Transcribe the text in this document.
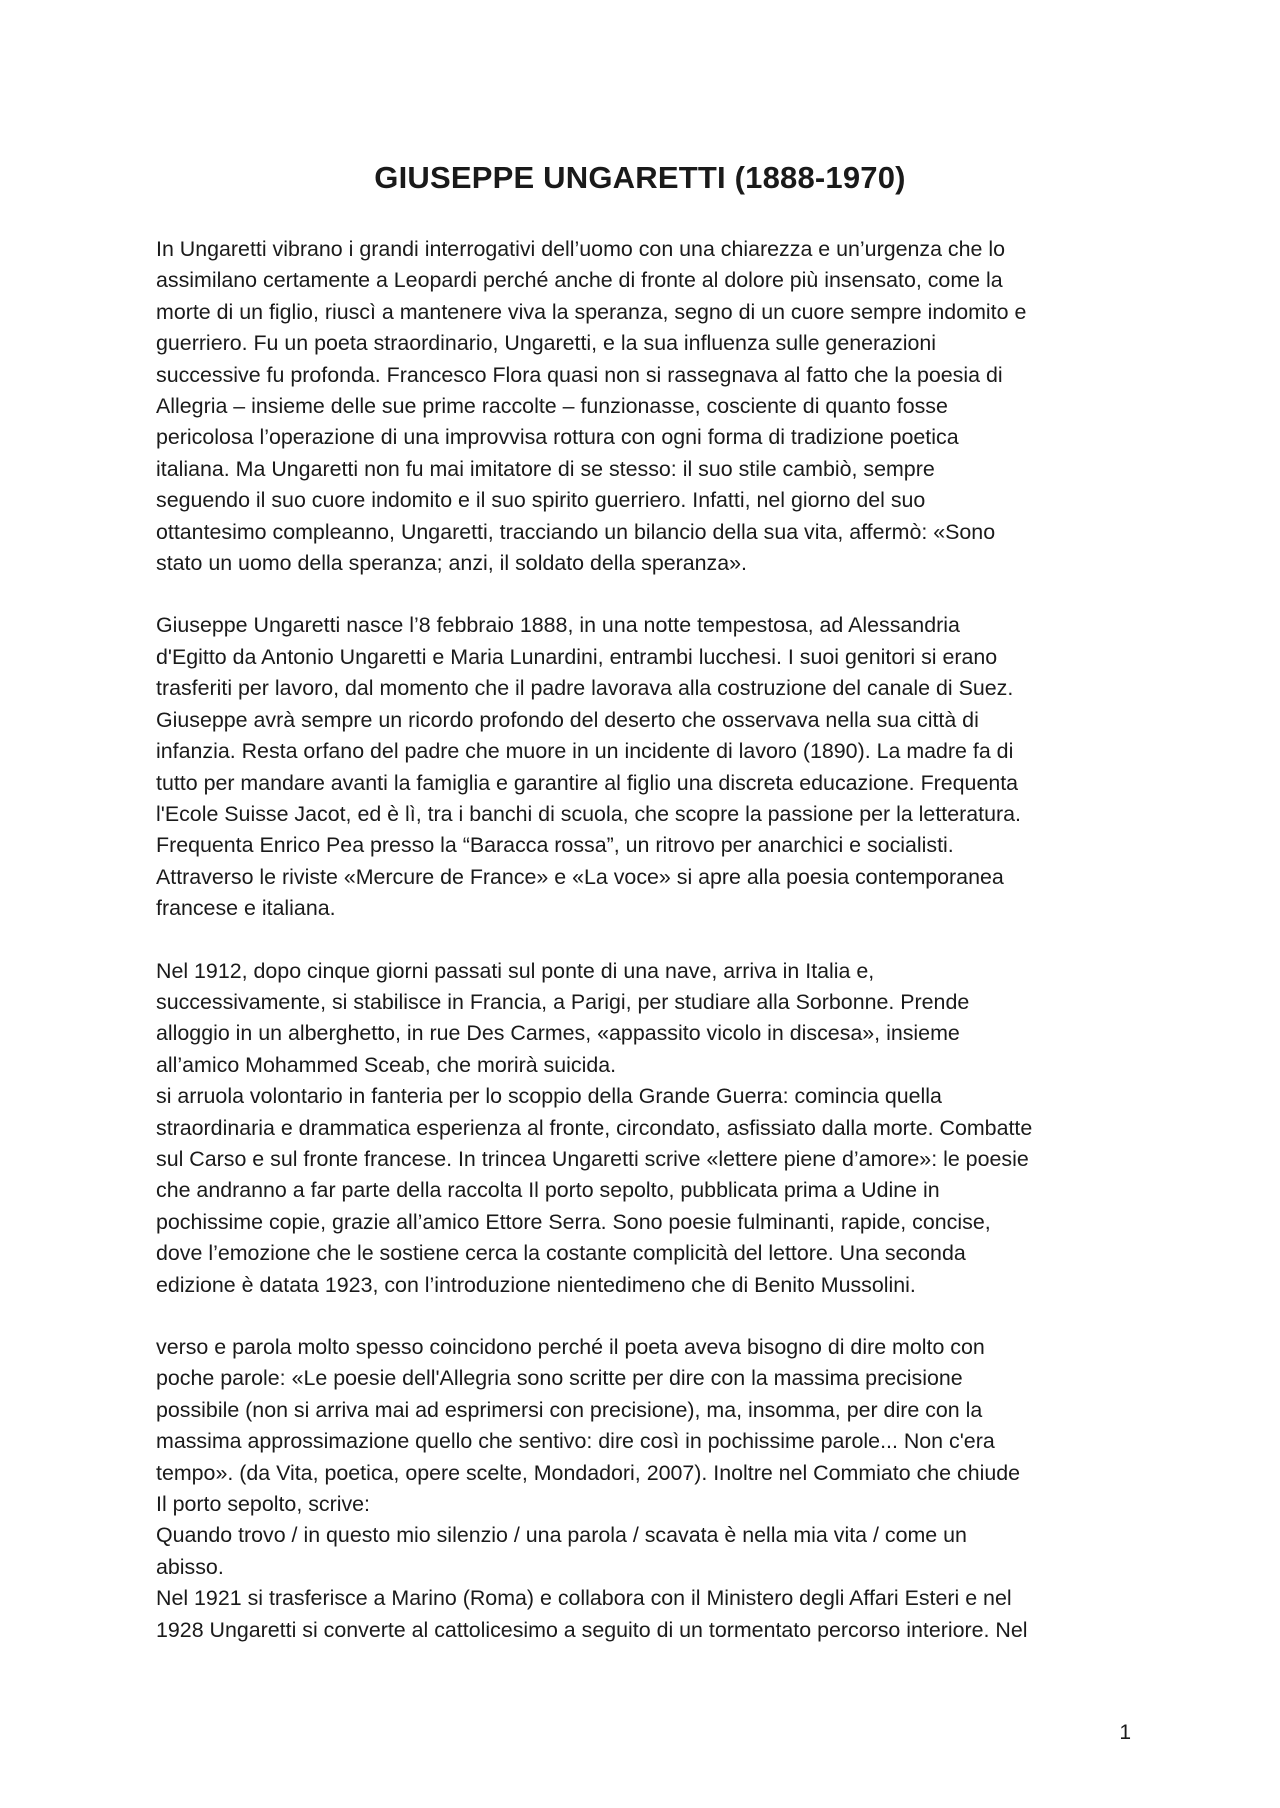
GIUSEPPE UNGARETTI (1888-1970)

In Ungaretti vibrano i grandi interrogativi dell’uomo con una chiarezza e un’urgenza che lo
assimilano certamente a Leopardi perché anche di fronte al dolore più insensato, come la
morte di un figlio, riuscì a mantenere viva la speranza, segno di un cuore sempre indomito e
guerriero. Fu un poeta straordinario, Ungaretti, e la sua influenza sulle generazioni
successive fu profonda. Francesco Flora quasi non si rassegnava al fatto che la poesia di
Allegria – insieme delle sue prime raccolte – funzionasse, cosciente di quanto fosse
pericolosa l’operazione di una improvvisa rottura con ogni forma di tradizione poetica
italiana. Ma Ungaretti non fu mai imitatore di se stesso: il suo stile cambiò, sempre
seguendo il suo cuore indomito e il suo spirito guerriero. Infatti, nel giorno del suo
ottantesimo compleanno, Ungaretti, tracciando un bilancio della sua vita, affermò: «Sono
stato un uomo della speranza; anzi, il soldato della speranza».

Giuseppe Ungaretti nasce l’8 febbraio 1888, in una notte tempestosa, ad Alessandria
d'Egitto da Antonio Ungaretti e Maria Lunardini, entrambi lucchesi. I suoi genitori si erano
trasferiti per lavoro, dal momento che il padre lavorava alla costruzione del canale di Suez.
Giuseppe avrà sempre un ricordo profondo del deserto che osservava nella sua città di
infanzia. Resta orfano del padre che muore in un incidente di lavoro (1890). La madre fa di
tutto per mandare avanti la famiglia e garantire al figlio una discreta educazione. Frequenta
l'Ecole Suisse Jacot, ed è lì, tra i banchi di scuola, che scopre la passione per la letteratura.
Frequenta Enrico Pea presso la “Baracca rossa”, un ritrovo per anarchici e socialisti.
Attraverso le riviste «Mercure de France» e «La voce» si apre alla poesia contemporanea
francese e italiana.

Nel 1912, dopo cinque giorni passati sul ponte di una nave, arriva in Italia e,
successivamente, si stabilisce in Francia, a Parigi, per studiare alla Sorbonne. Prende
alloggio in un alberghetto, in rue Des Carmes, «appassito vicolo in discesa», insieme
all’amico Mohammed Sceab, che morirà suicida.
si arruola volontario in fanteria per lo scoppio della Grande Guerra: comincia quella
straordinaria e drammatica esperienza al fronte, circondato, asfissiato dalla morte. Combatte
sul Carso e sul fronte francese. In trincea Ungaretti scrive «lettere piene d’amore»: le poesie
che andranno a far parte della raccolta Il porto sepolto, pubblicata prima a Udine in
pochissime copie, grazie all’amico Ettore Serra. Sono poesie fulminanti, rapide, concise,
dove l’emozione che le sostiene cerca la costante complicità del lettore. Una seconda
edizione è datata 1923, con l’introduzione nientedimeno che di Benito Mussolini.

verso e parola molto spesso coincidono perché il poeta aveva bisogno di dire molto con
poche parole: «Le poesie dell'Allegria sono scritte per dire con la massima precisione
possibile (non si arriva mai ad esprimersi con precisione), ma, insomma, per dire con la
massima approssimazione quello che sentivo: dire così in pochissime parole... Non c'era
tempo». (da Vita, poetica, opere scelte, Mondadori, 2007). Inoltre nel Commiato che chiude
Il porto sepolto, scrive:
Quando trovo / in questo mio silenzio / una parola / scavata è nella mia vita / come un
abisso.
Nel 1921 si trasferisce a Marino (Roma) e collabora con il Ministero degli Affari Esteri e nel
1928 Ungaretti si converte al cattolicesimo a seguito di un tormentato percorso interiore. Nel

1
